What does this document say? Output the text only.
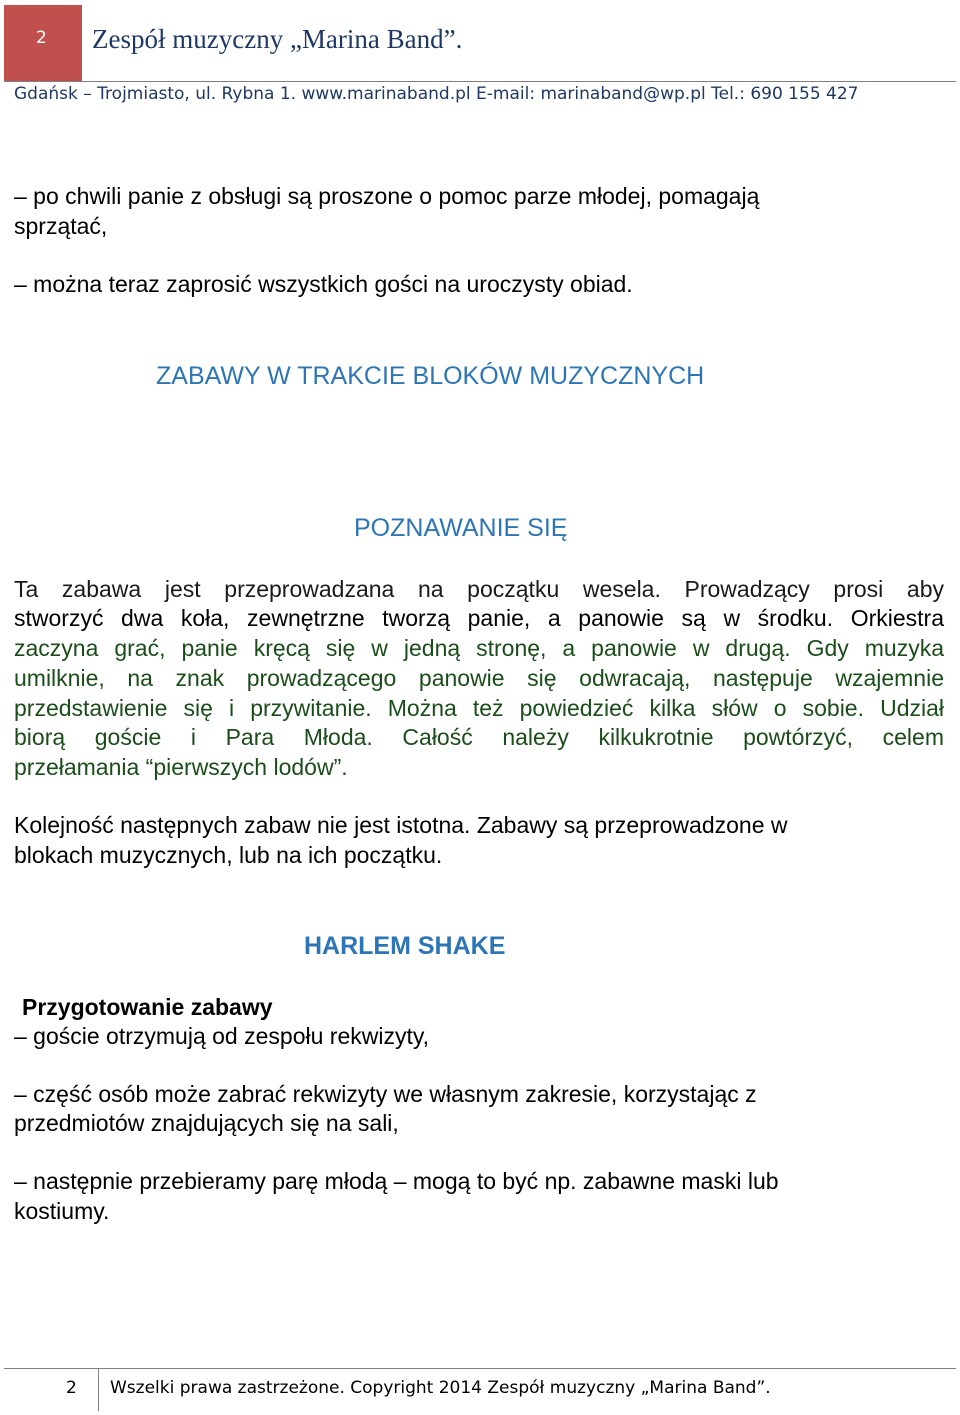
2	Zespół muzyczny „Marina Band”.
Gdańsk – Trojmiasto, ul. Rybna 1. www.marinaband.pl E-mail: marinaband@wp.pl Tel.: 690 155 427
– po chwili panie z obsługi są proszone o pomoc parze młodej, pomagają
sprzątać,
– można teraz zaprosić wszystkich gości na uroczysty obiad.
ZABAWY W TRAKCIE BLOKÓW MUZYCZNYCH
POZNAWANIE SIĘ
Ta zabawa jest przeprowadzana na początku wesela. Prowadzący prosi aby
stworzyć dwa koła, zewnętrzne tworzą panie, a panowie są w środku. Orkiestra
zaczyna grać, panie kręcą się w jedną stronę, a panowie w drugą. Gdy muzyka
umilknie, na znak prowadzącego panowie się odwracają, następuje wzajemnie
przedstawienie się i przywitanie. Można też powiedzieć kilka słów o sobie. Udział
biorą goście i Para Młoda. Całość należy kilkukrotnie powtórzyć, celem
przełamania “pierwszych lodów”.
Kolejność następnych zabaw nie jest istotna. Zabawy są przeprowadzone w
blokach muzycznych, lub na ich początku.
HARLEM SHAKE
Przygotowanie zabawy
– goście otrzymują od zespołu rekwizyty,
– część osób może zabrać rekwizyty we własnym zakresie, korzystając z
przedmiotów znajdujących się na sali,
– następnie przebieramy parę młodą – mogą to być np. zabawne maski lub
kostiumy.
2 Wszelki prawa zastrzeżone. Copyright 2014 Zespół muzyczny „Marina Band”.
